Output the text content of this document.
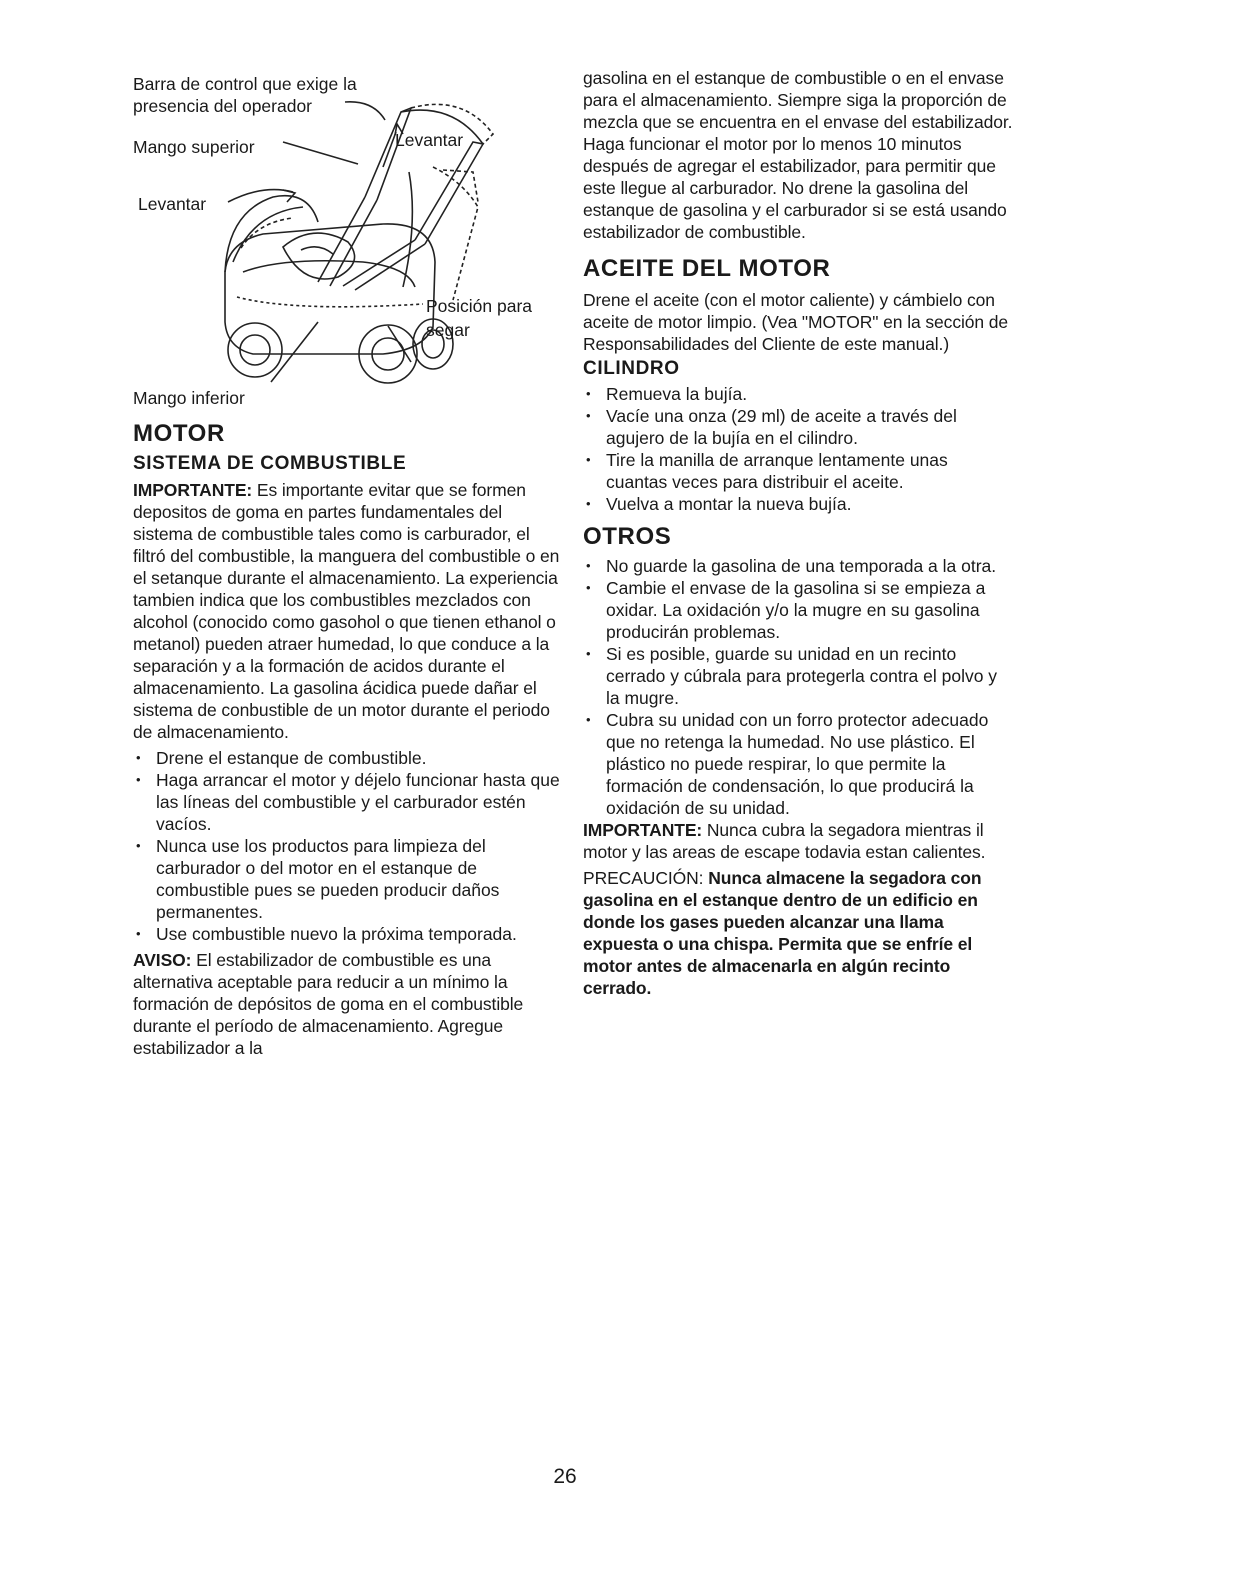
Barra de control que exige la

presencia del operador

Mango superior	Levantar

Levantar

Posición para

segar

Mango inferior

MOTOR
SISTEMA DE COMBUSTIBLE

IMPORTANTE: Es importante evitar que se formen depositos de goma en partes fundamentales del sistema de combustible tales como is carburador, el filtró del combustible, la manguera del combustible o en el setanque durante el almacenamiento. La experiencia tambien indica que los combustibles mezclados con alcohol (conocido como gasohol o que tienen ethanol o metanol) pueden atraer humedad, lo que conduce a la separación y a la formación de acidos durante el almacenamiento. La gasolina ácidica puede dañar el sistema de conbustible de un motor durante el periodo de almacenamiento.

• Drene el estanque de combustible.
• Haga arrancar el motor y déjelo funcionar hasta que las líneas del combustible y el carburador estén vacíos.
• Nunca use los productos para limpieza del carburador o del motor en el estanque de combustible pues se pueden producir daños permanentes.
• Use combustible nuevo la próxima temporada.

AVISO: El estabilizador de combustible es una alternativa aceptable para reducir a un mínimo la formación de depósitos de goma en el combustible durante el período de almacenamiento. Agregue estabilizador a la

gasolina en el estanque de combustible o en el envase para el almacenamiento. Siempre siga la proporción de mezcla que se encuentra en el envase del estabilizador. Haga funcionar el motor por lo menos 10 minutos después de agregar el estabilizador, para permitir que este llegue al carburador. No drene la gasolina del estanque de gasolina y el carburador si se está usando estabilizador de combustible.

ACEITE DEL MOTOR

Drene el aceite (con el motor caliente) y cámbielo con aceite de motor limpio. (Vea "MOTOR" en la sección de Responsabilidades del Cliente de este manual.)

CILINDRO
• Remueva la bujía.
• Vacíe una onza (29 ml) de aceite a través del agujero de la bujía en el cilindro.
• Tire la manilla de arranque lentamente unas cuantas veces para distribuir el aceite.
• Vuelva a montar la nueva bujía.
OTROS
• No guarde la gasolina de una temporada a la otra.
• Cambie el envase de la gasolina si se empieza a oxidar. La oxidación y/o la mugre en su gasolina producirán problemas.
• Si es posible, guarde su unidad en un recinto cerrado y cúbrala para protegerla contra el polvo y la mugre.
• Cubra su unidad con un forro protector adecuado que no retenga la humedad. No use plástico. El plástico no puede respirar, lo que permite la formación de condensación, lo que producirá la oxidación de su unidad.

IMPORTANTE: Nunca cubra la segadora mientras il motor y las areas de escape todavia estan calientes.

PRECAUCIÓN: Nunca almacene la segadora con gasolina en el estanque dentro de un edificio en donde los gases pueden alcanzar una llama expuesta o una chispa. Permita que se enfríe el motor antes de almacenarla en algún recinto cerrado.

26
